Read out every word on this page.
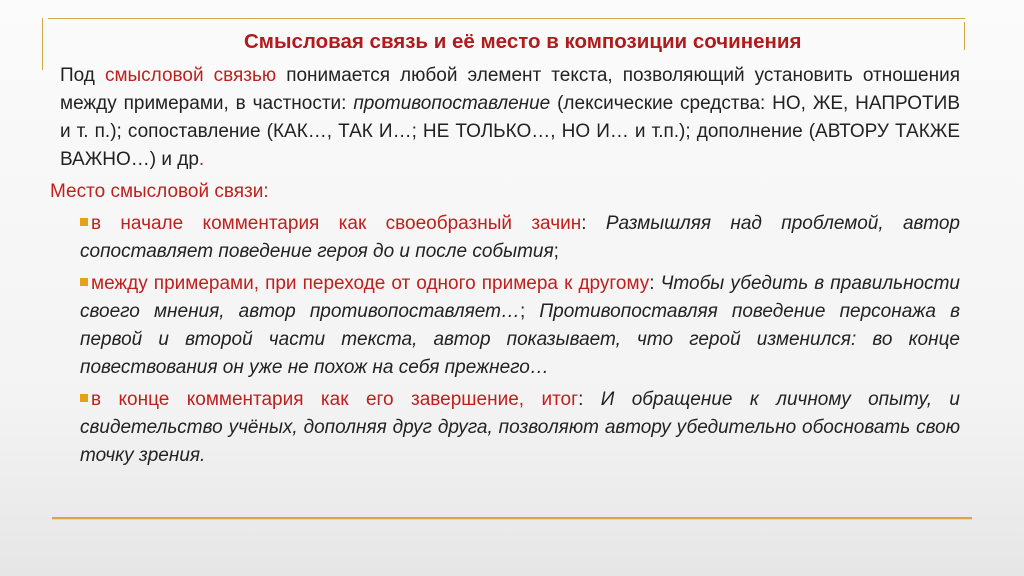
Смысловая связь и её место в композиции сочинения
Под смысловой связью понимается любой элемент текста, позволяющий установить отношения между примерами, в частности: противопоставление (лексические средства: НО, ЖЕ, НАПРОТИВ и т. п.); сопоставление (КАК…, ТАК И…; НЕ ТОЛЬКО…, НО И… и т.п.); дополнение (АВТОРУ ТАКЖЕ ВАЖНО…) и др.
Место смысловой связи:
в начале комментария как своеобразный зачин: Размышляя над проблемой, автор сопоставляет поведение героя до и после события;
между примерами, при переходе от одного примера к другому: Чтобы убедить в правильности своего мнения, автор противопоставляет…; Противопоставляя поведение персонажа в первой и второй части текста, автор показывает, что герой изменился: во конце повествования он уже не похож на себя прежнего…
в конце комментария как его завершение, итог: И обращение к личному опыту, и свидетельство учёных, дополняя друг друга, позволяют автору убедительно обосновать свою точку зрения.
